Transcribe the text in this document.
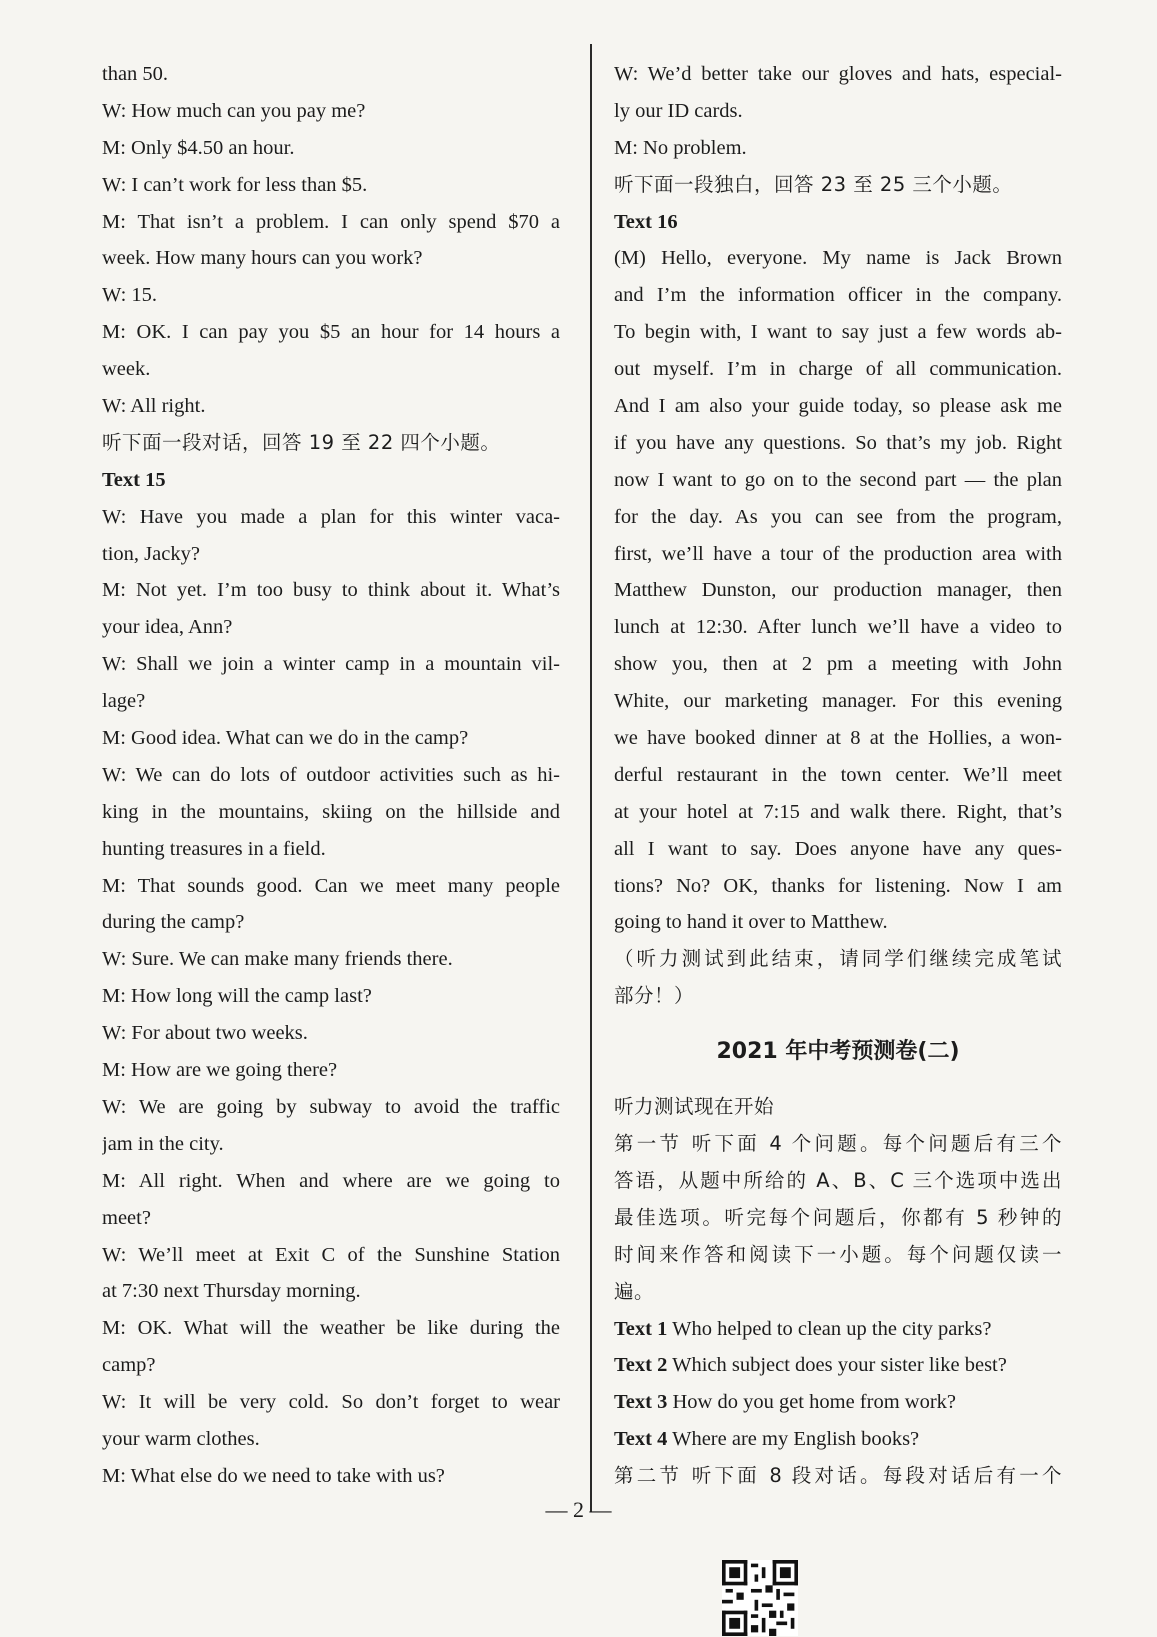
than 50.
W: How much can you pay me?
M: Only $4.50 an hour.
W: I can’t work for less than $5.
M: That isn’t a problem. I can only spend $70 a
week. How many hours can you work?
W: 15.
M: OK. I can pay you $5 an hour for 14 hours a
week.
W: All right.
听下面一段对话，回答 19 至 22 四个小题。
Text 15
W: Have you made a plan for this winter vaca-
tion, Jacky?
M: Not yet. I’m too busy to think about it. What’s
your idea, Ann?
W: Shall we join a winter camp in a mountain vil-
lage?
M: Good idea. What can we do in the camp?
W: We can do lots of outdoor activities such as hi-
king in the mountains, skiing on the hillside and
hunting treasures in a field.
M: That sounds good. Can we meet many people
during the camp?
W: Sure. We can make many friends there.
M: How long will the camp last?
W: For about two weeks.
M: How are we going there?
W: We are going by subway to avoid the traffic
jam in the city.
M: All right. When and where are we going to
meet?
W: We’ll meet at Exit C of the Sunshine Station
at 7:30 next Thursday morning.
M: OK. What will the weather be like during the
camp?
W: It will be very cold. So don’t forget to wear
your warm clothes.
M: What else do we need to take with us?
W: We’d better take our gloves and hats, especial-
ly our ID cards.
M: No problem.
听下面一段独白，回答 23 至 25 三个小题。
Text 16
(M) Hello, everyone. My name is Jack Brown
and I’m the information officer in the company.
To begin with, I want to say just a few words ab-
out myself. I’m in charge of all communication.
And I am also your guide today, so please ask me
if you have any questions. So that’s my job. Right
now I want to go on to the second part — the plan
for the day. As you can see from the program,
first, we’ll have a tour of the production area with
Matthew Dunston, our production manager, then
lunch at 12:30. After lunch we’ll have a video to
show you, then at 2 pm a meeting with John
White, our marketing manager. For this evening
we have booked dinner at 8 at the Hollies, a won-
derful restaurant in the town center. We’ll meet
at your hotel at 7:15 and walk there. Right, that’s
all I want to say. Does anyone have any ques-
tions? No? OK, thanks for listening. Now I am
going to hand it over to Matthew.
（听力测试到此结束，请同学们继续完成笔试
部分！）
2021 年中考预测卷(二)
听力测试现在开始
第一节 听下面 4 个问题。每个问题后有三个
答语，从题中所给的 A、B、C 三个选项中选出
最佳选项。听完每个问题后，你都有 5 秒钟的
时间来作答和阅读下一小题。每个问题仅读一
遍。
Text 1 Who helped to clean up the city parks?
Text 2 Which subject does your sister like best?
Text 3 How do you get home from work?
Text 4 Where are my English books?
第二节 听下面 8 段对话。每段对话后有一个
— 2 —
